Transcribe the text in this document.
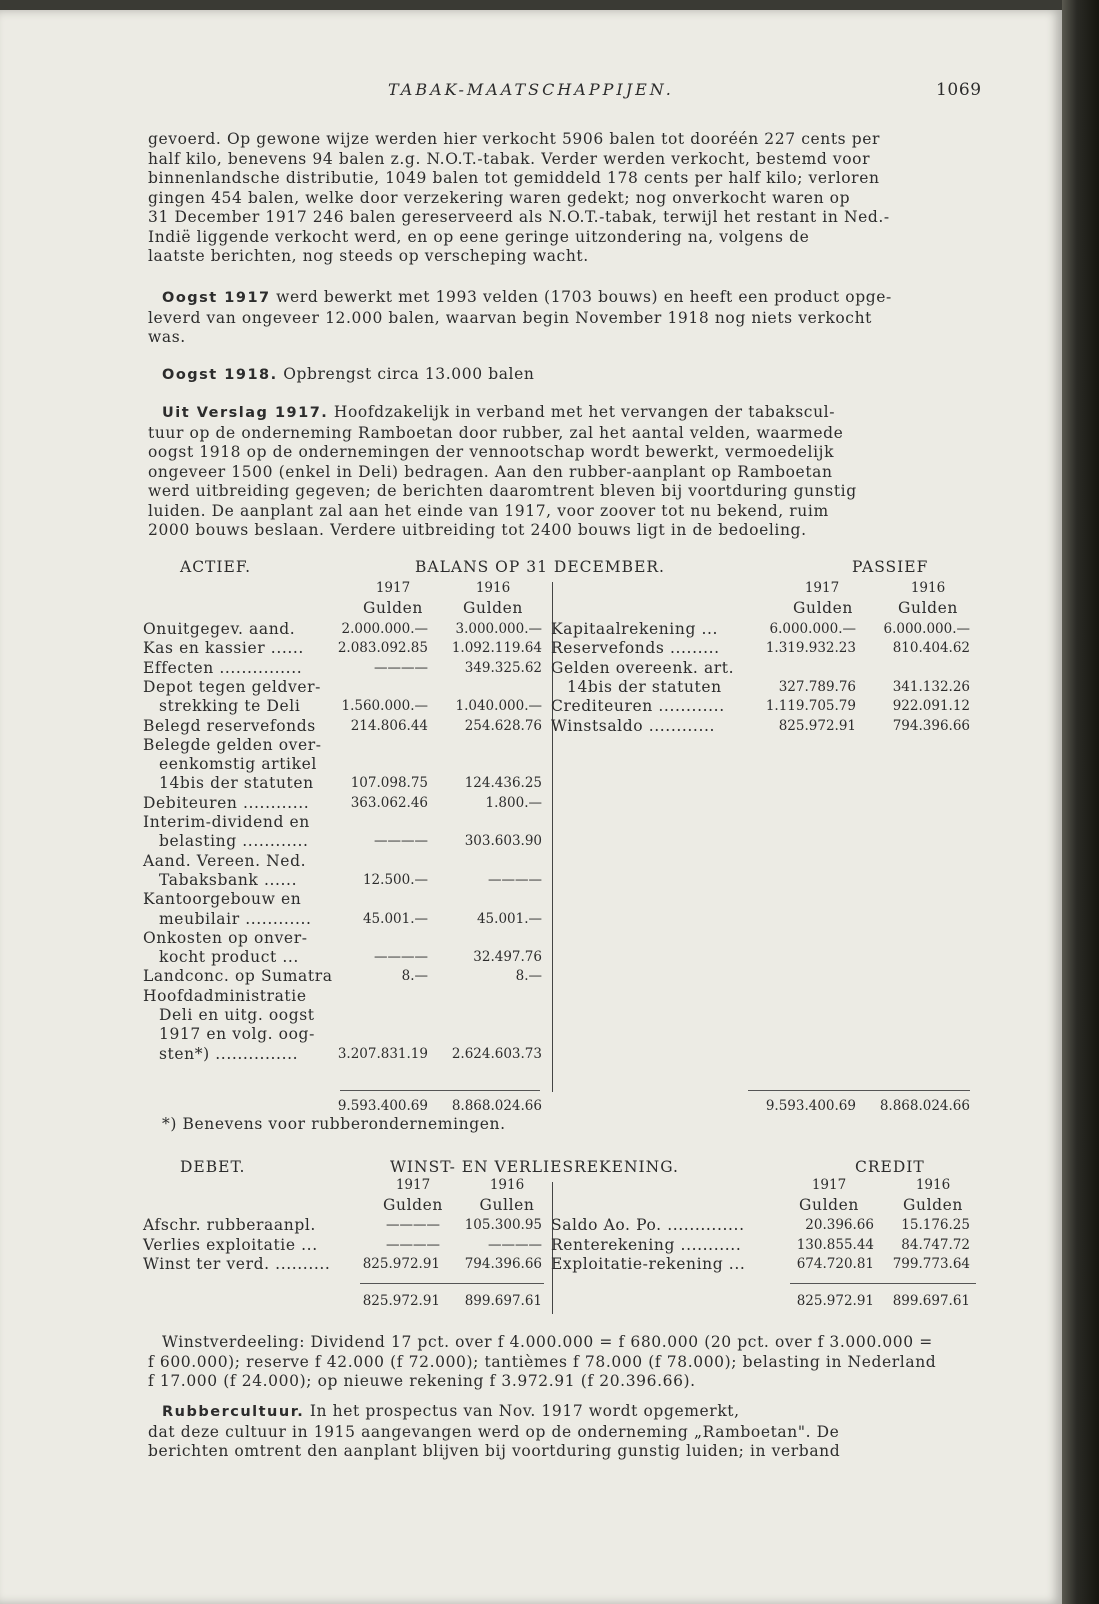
TABAK-MAATSCHAPPIJEN.	1069

gevoerd. Op gewone wijze werden hier verkocht 5906 balen tot dooréén 227 cents per

half kilo, benevens 94 balen z.g. N.O.T.-tabak. Verder werden verkocht, bestemd voor

binnenlandsche distributie, 1049 balen tot gemiddeld 178 cents per half kilo; verloren

gingen 454 balen, welke door verzekering waren gedekt; nog onverkocht waren op

31 December 1917 246 balen gereserveerd als N.O.T.-tabak, terwijl het restant in Ned.-

Indië liggende verkocht werd, en op eene geringe uitzondering na, volgens de

laatste berichten, nog steeds op verscheping wacht.

Oogst 1917 werd bewerkt met 1993 velden (1703 bouws) en heeft een product opge-

leverd van ongeveer 12.000 balen, waarvan begin November 1918 nog niets verkocht

was.

Oogst 1918. Opbrengst circa 13.000 balen

Uit Verslag 1917. Hoofdzakelijk in verband met het vervangen der tabakscul-

tuur op de onderneming Ramboetan door rubber, zal het aantal velden, waarmede

oogst 1918 op de ondernemingen der vennootschap wordt bewerkt, vermoedelijk

ongeveer 1500 (enkel in Deli) bedragen. Aan den rubber-aanplant op Ramboetan

werd uitbreiding gegeven; de berichten daaromtrent bleven bij voortduring gunstig

luiden. De aanplant zal aan het einde van 1917, voor zoover tot nu bekend, ruim

2000 bouws beslaan. Verdere uitbreiding tot 2400 bouws ligt in de bedoeling.

ACTIEF.	BALANS OP 31 DECEMBER.	PASSIEF
1917	1916
Gulden	Gulden
1917	1916
Gulden	Gulden
Onuitgegev. aand.	2.000.000.—	3.000.000.—
Kas en kassier ......	2.083.092.85	1.092.119.64
Effecten ...............	————	349.325.62
Depot tegen geldver-
strekking te Deli	1.560.000.—	1.040.000.—
Belegd reservefonds	214.806.44	254.628.76
Belegde gelden over-
eenkomstig artikel
14bis der statuten	107.098.75	124.436.25
Debiteuren ............	363.062.46	1.800.—
Interim-dividend en
belasting ............	————	303.603.90
Aand. Vereen. Ned.
Tabaksbank ......	12.500.—	————
Kantoorgebouw en
meubilair ............	45.001.—	45.001.—
Onkosten op onver-
kocht product ...	————	32.497.76
Landconc. op Sumatra	8.—	8.—
Hoofdadministratie
Deli en uitg. oogst
1917 en volg. oog-
sten*) ...............	3.207.831.19	2.624.603.73
Kapitaalrekening ...	6.000.000.—	6.000.000.—
Reservefonds .........	1.319.932.23	810.404.62
Gelden overeenk. art.
14bis der statuten	327.789.76	341.132.26
Crediteuren ............	1.119.705.79	922.091.12
Winstsaldo ............	825.972.91	794.396.66
9.593.400.69	8.868.024.66	9.593.400.69	8.868.024.66
*) Benevens voor rubberondernemingen.
DEBET.	WINST- EN VERLIESREKENING.	CREDIT
1917	1916
Gulden	Gullen
1917	1916
Gulden	Gulden
Afschr. rubberaanpl.	————	105.300.95
Verlies exploitatie ...	————	————
Winst ter verd. ..........	825.972.91	794.396.66
Saldo Ao. Po. ..............	20.396.66	15.176.25
Renterekening ...........	130.855.44	84.747.72
Exploitatie-rekening ...	674.720.81	799.773.64
825.972.91	899.697.61	825.972.91	899.697.61

Winstverdeeling: Dividend 17 pct. over f 4.000.000 = f 680.000 (20 pct. over f 3.000.000 =

f 600.000); reserve f 42.000 (f 72.000); tantièmes f 78.000 (f 78.000); belasting in Nederland

f 17.000 (f 24.000); op nieuwe rekening f 3.972.91 (f 20.396.66).

Rubbercultuur. In het prospectus van Nov. 1917 wordt opgemerkt,

dat deze cultuur in 1915 aangevangen werd op de onderneming „Ramboetan". De

berichten omtrent den aanplant blijven bij voortduring gunstig luiden; in verband
